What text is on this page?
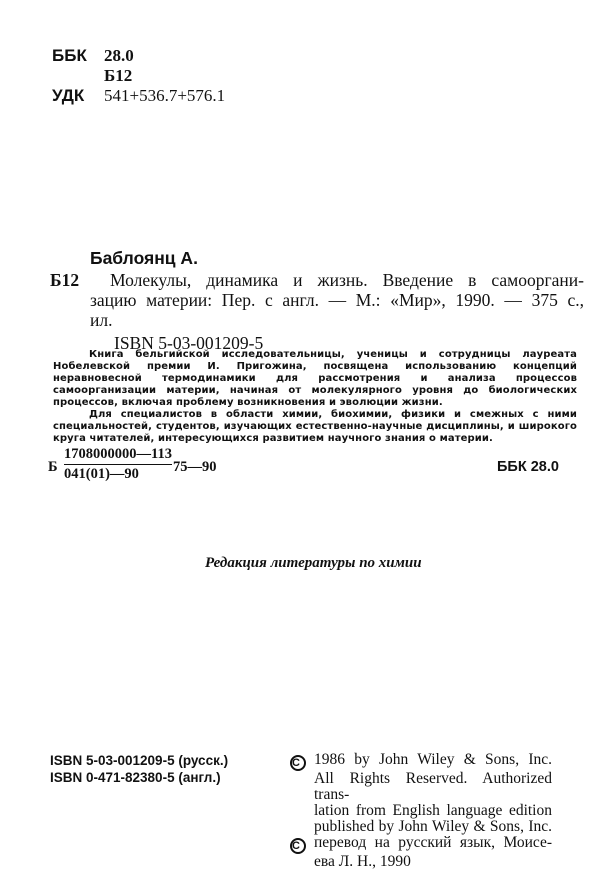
ББК 28.0
Б12
УДК 541+536.7+576.1
Баблоянц А.
Б12 Молекулы, динамика и жизнь. Введение в самооргани-
зацию материи: Пер. с англ. — М.: «Мир», 1990. — 375 с.,
ил.
ISBN 5-03-001209-5

Книга бельгийской исследовательницы, ученицы и сотрудницы лауреата Нобелевской премии И. Пригожина, посвящена использованию концепций неравновесной термодинамики для рассмотрения и анализа процессов самоорганизации материи, начиная от молекулярного уровня до биологических процессов, включая проблему возникновения и эволюции жизни.

Для специалистов в области химии, биохимии, физики и смежных с ними специальностей, студентов, изучающих естественно-научные дисциплины, и широкого круга читателей, интересующихся развитием научного знания о материи.

Б $\frac{1708000000—113}{041(01)—90}$ 75—90	ББК 28.0
Редакция литературы по химии
ISBN 5-03-001209-5 (русск.)
ISBN 0-471-82380-5 (англ.)
C 1986 by John Wiley & Sons, Inc.
All Rights Reserved. Authorized trans-
lation from English language edition
published by John Wiley & Sons, Inc.
C перевод на русский язык, Моисе-
ева Л. Н., 1990
